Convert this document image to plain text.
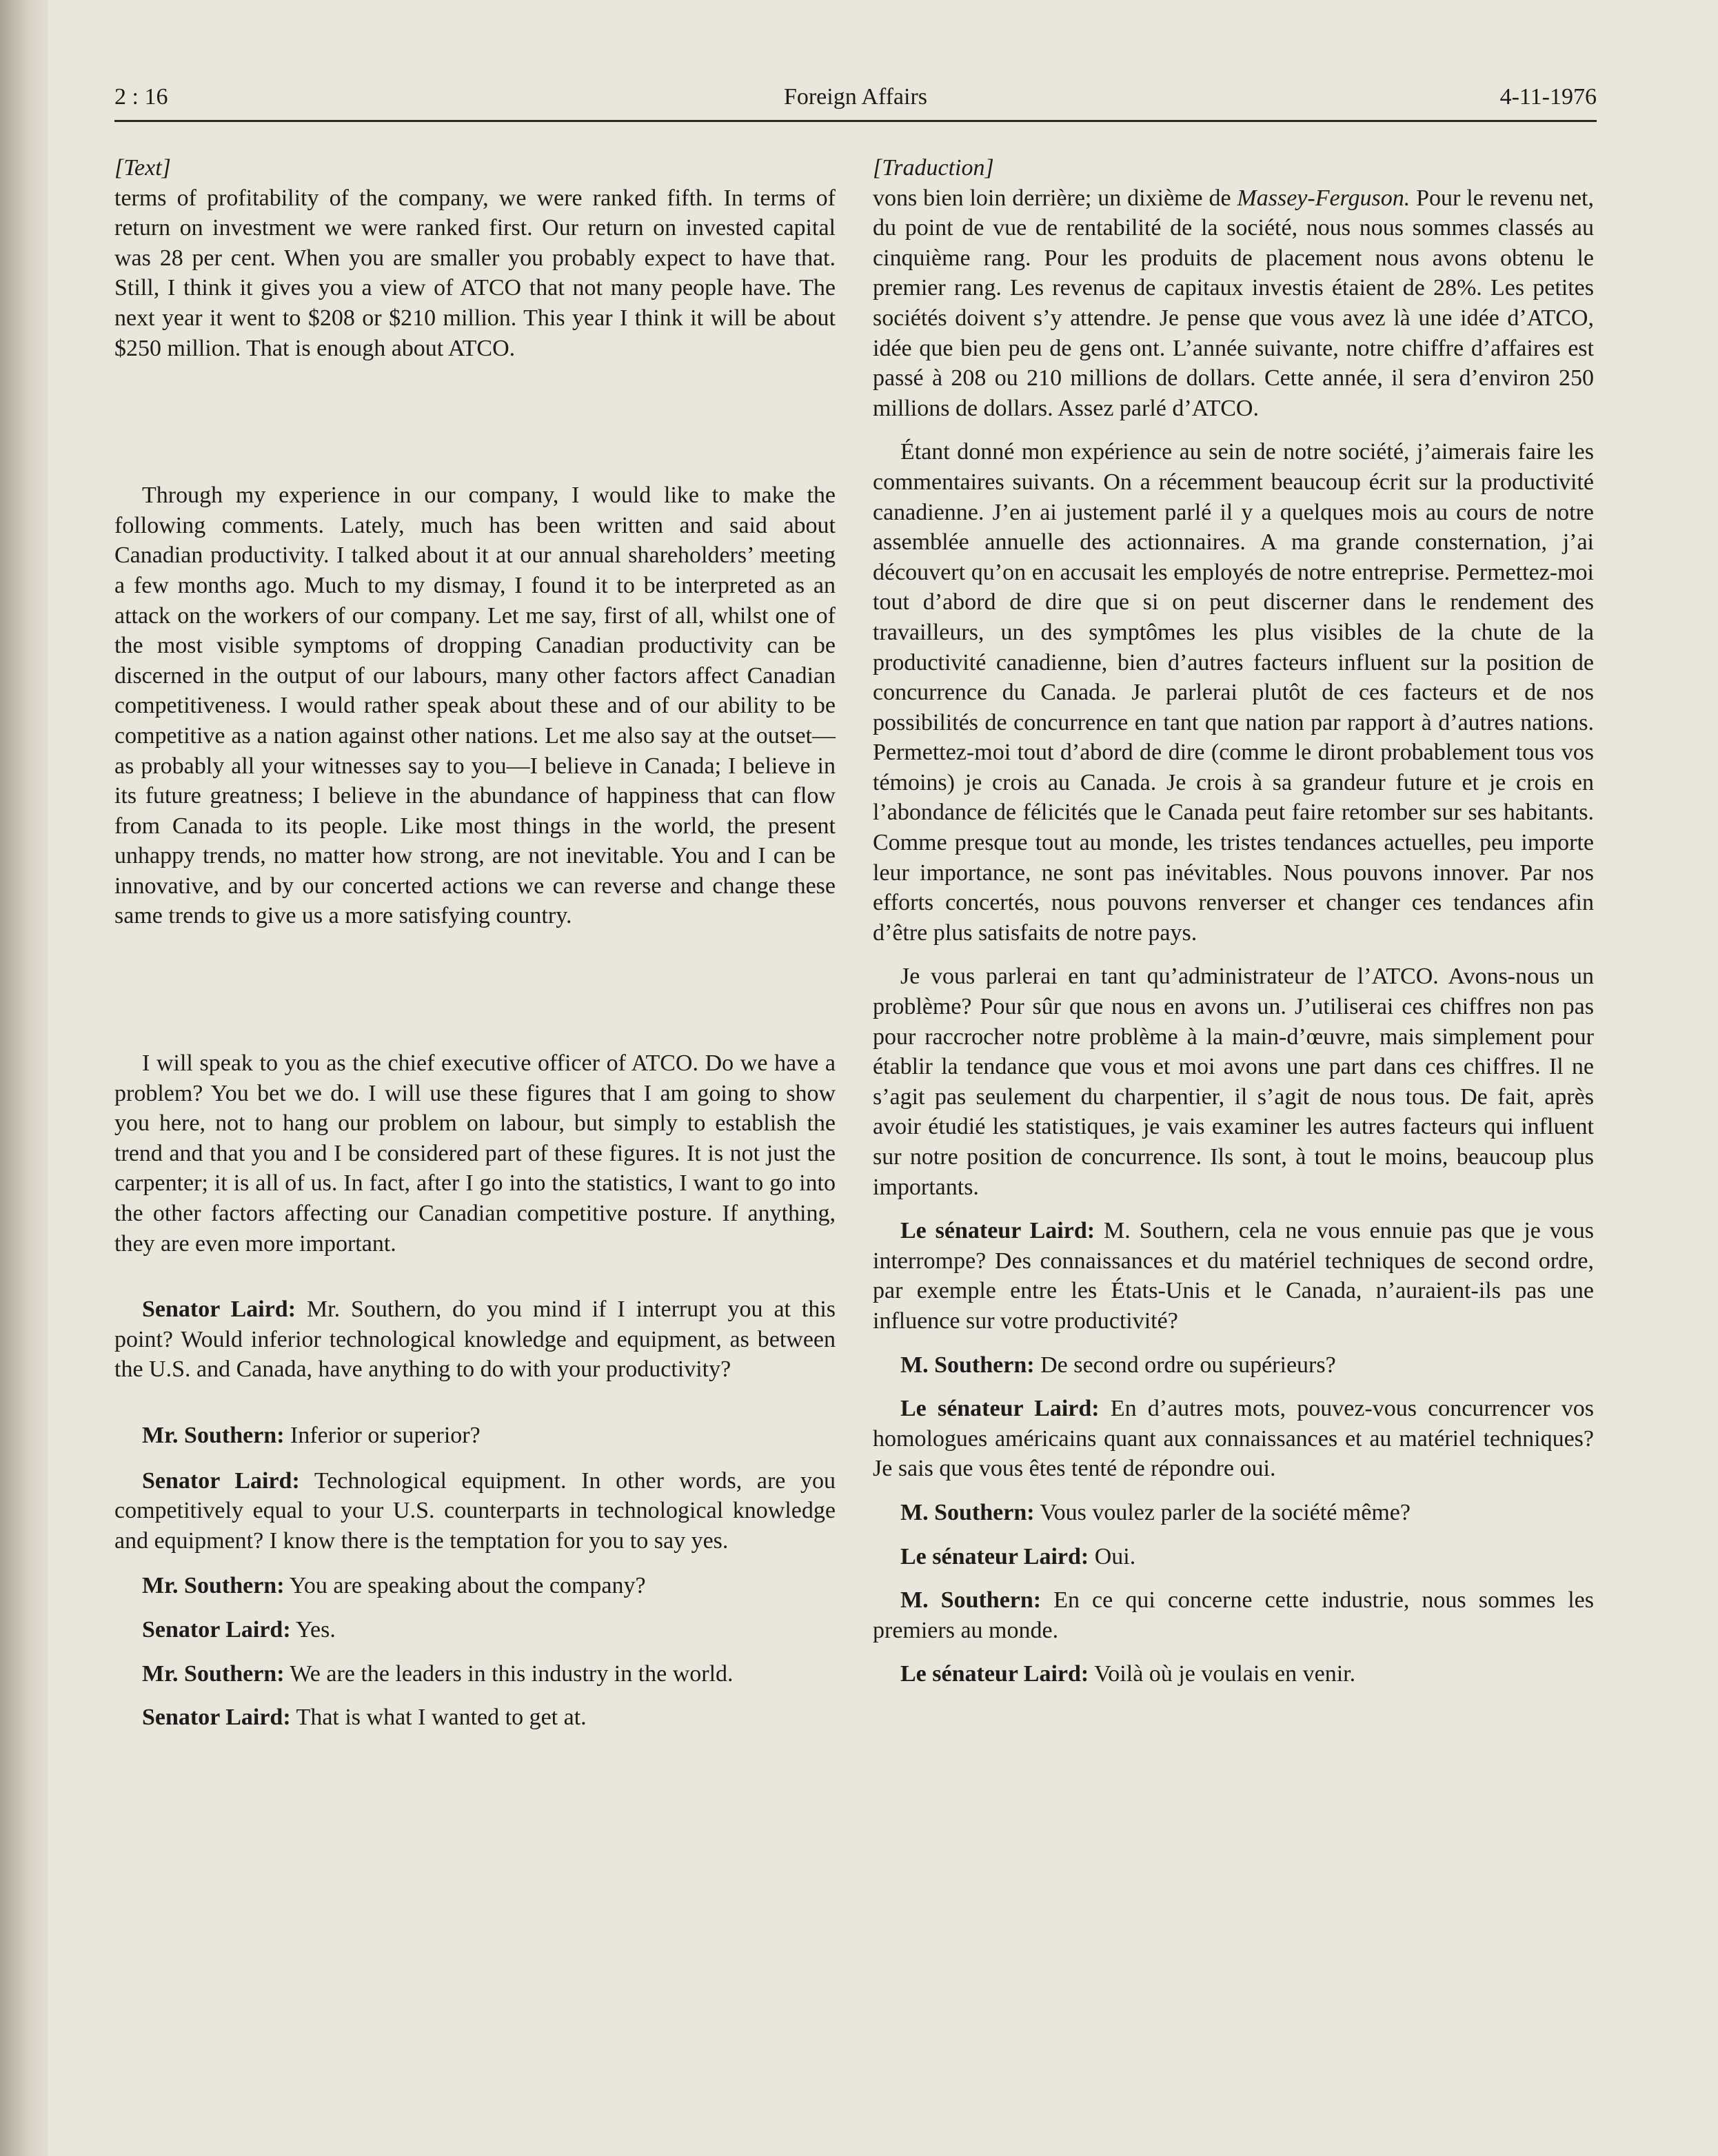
Foreign Affairs
2 : 16	4-11-1976

[Text]

terms of profitability of the company, we were ranked fifth. In terms of return on investment we were ranked first. Our return on invested capital was 28 per cent. When you are smaller you probably expect to have that. Still, I think it gives you a view of ATCO that not many people have. The next year it went to $208 or $210 million. This year I think it will be about $250 million. That is enough about ATCO.

Through my experience in our company, I would like to make the following comments. Lately, much has been written and said about Canadian productivity. I talked about it at our annual shareholders’ meeting a few months ago. Much to my dismay, I found it to be interpreted as an attack on the workers of our company. Let me say, first of all, whilst one of the most visible symptoms of dropping Canadian productivity can be discerned in the output of our labours, many other factors affect Canadian competitiveness. I would rather speak about these and of our ability to be competitive as a nation against other nations. Let me also say at the outset—as probably all your witnesses say to you—I believe in Canada; I believe in its future greatness; I believe in the abundance of happiness that can flow from Canada to its people. Like most things in the world, the present unhappy trends, no matter how strong, are not inevitable. You and I can be innovative, and by our concerted actions we can reverse and change these same trends to give us a more satisfying country.

I will speak to you as the chief executive officer of ATCO. Do we have a problem? You bet we do. I will use these figures that I am going to show you here, not to hang our problem on labour, but simply to establish the trend and that you and I be considered part of these figures. It is not just the carpenter; it is all of us. In fact, after I go into the statistics, I want to go into the other factors affecting our Canadian competitive posture. If anything, they are even more important.

Senator Laird: Mr. Southern, do you mind if I interrupt you at this point? Would inferior technological knowledge and equipment, as between the U.S. and Canada, have anything to do with your productivity?

Mr. Southern: Inferior or superior?

Senator Laird: Technological equipment. In other words, are you competitively equal to your U.S. counterparts in technological knowledge and equipment? I know there is the temptation for you to say yes.

Mr. Southern: You are speaking about the company?

Senator Laird: Yes.

Mr. Southern: We are the leaders in this industry in the world.

Senator Laird: That is what I wanted to get at.

[Traduction]

vons bien loin derrière; un dixième de Massey-Ferguson. Pour le revenu net, du point de vue de rentabilité de la société, nous nous sommes classés au cinquième rang. Pour les produits de placement nous avons obtenu le premier rang. Les revenus de capitaux investis étaient de 28%. Les petites sociétés doivent s’y attendre. Je pense que vous avez là une idée d’ATCO, idée que bien peu de gens ont. L’année suivante, notre chiffre d’affaires est passé à 208 ou 210 millions de dollars. Cette année, il sera d’environ 250 millions de dollars. Assez parlé d’ATCO.

Étant donné mon expérience au sein de notre société, j’aimerais faire les commentaires suivants. On a récemment beaucoup écrit sur la productivité canadienne. J’en ai justement parlé il y a quelques mois au cours de notre assemblée annuelle des actionnaires. A ma grande consternation, j’ai découvert qu’on en accusait les employés de notre entreprise. Permettez-moi tout d’abord de dire que si on peut discerner dans le rendement des travailleurs, un des symptômes les plus visibles de la chute de la productivité canadienne, bien d’autres facteurs influent sur la position de concurrence du Canada. Je parlerai plutôt de ces facteurs et de nos possibilités de concurrence en tant que nation par rapport à d’autres nations. Permettez-moi tout d’abord de dire (comme le diront probablement tous vos témoins) je crois au Canada. Je crois à sa grandeur future et je crois en l’abondance de félicités que le Canada peut faire retomber sur ses habitants. Comme presque tout au monde, les tristes tendances actuelles, peu importe leur importance, ne sont pas inévitables. Nous pouvons innover. Par nos efforts concertés, nous pouvons renverser et changer ces tendances afin d’être plus satisfaits de notre pays.

Je vous parlerai en tant qu’administrateur de l’ATCO. Avons-nous un problème? Pour sûr que nous en avons un. J’utiliserai ces chiffres non pas pour raccrocher notre problème à la main-d’œuvre, mais simplement pour établir la tendance que vous et moi avons une part dans ces chiffres. Il ne s’agit pas seulement du charpentier, il s’agit de nous tous. De fait, après avoir étudié les statistiques, je vais examiner les autres facteurs qui influent sur notre position de concurrence. Ils sont, à tout le moins, beaucoup plus importants.

Le sénateur Laird: M. Southern, cela ne vous ennuie pas que je vous interrompe? Des connaissances et du matériel techniques de second ordre, par exemple entre les États-Unis et le Canada, n’auraient-ils pas une influence sur votre productivité?

M. Southern: De second ordre ou supérieurs?

Le sénateur Laird: En d’autres mots, pouvez-vous concurrencer vos homologues américains quant aux connaissances et au matériel techniques? Je sais que vous êtes tenté de répondre oui.

M. Southern: Vous voulez parler de la société même?

Le sénateur Laird: Oui.

M. Southern: En ce qui concerne cette industrie, nous sommes les premiers au monde.

Le sénateur Laird: Voilà où je voulais en venir.
